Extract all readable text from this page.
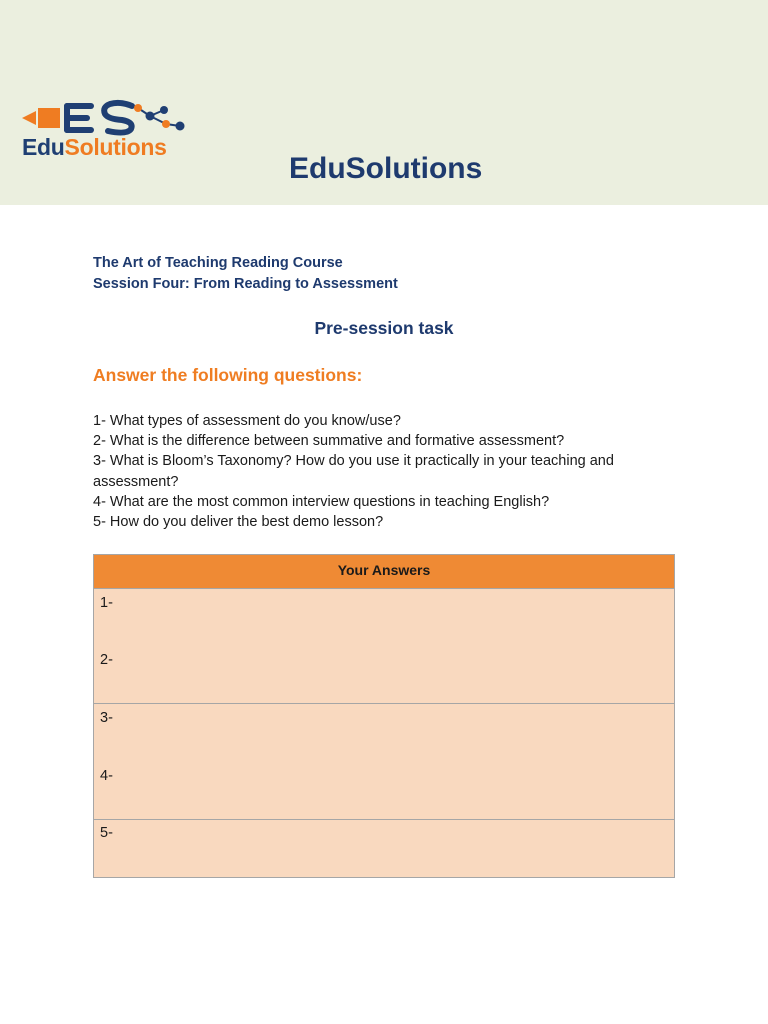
EduSolutions
EduSolutions
The Art of Teaching Reading Course
Session Four: From Reading to Assessment
Pre-session task
Answer the following questions:
1- What types of assessment do you know/use?
2- What is the difference between summative and formative assessment?
3- What is Bloom’s Taxonomy? How do you use it practically in your teaching and assessment?
4- What are the most common interview questions in teaching English?
5- How do you deliver the best demo lesson?
Your Answers
1-
2-
3-
4-
5-
